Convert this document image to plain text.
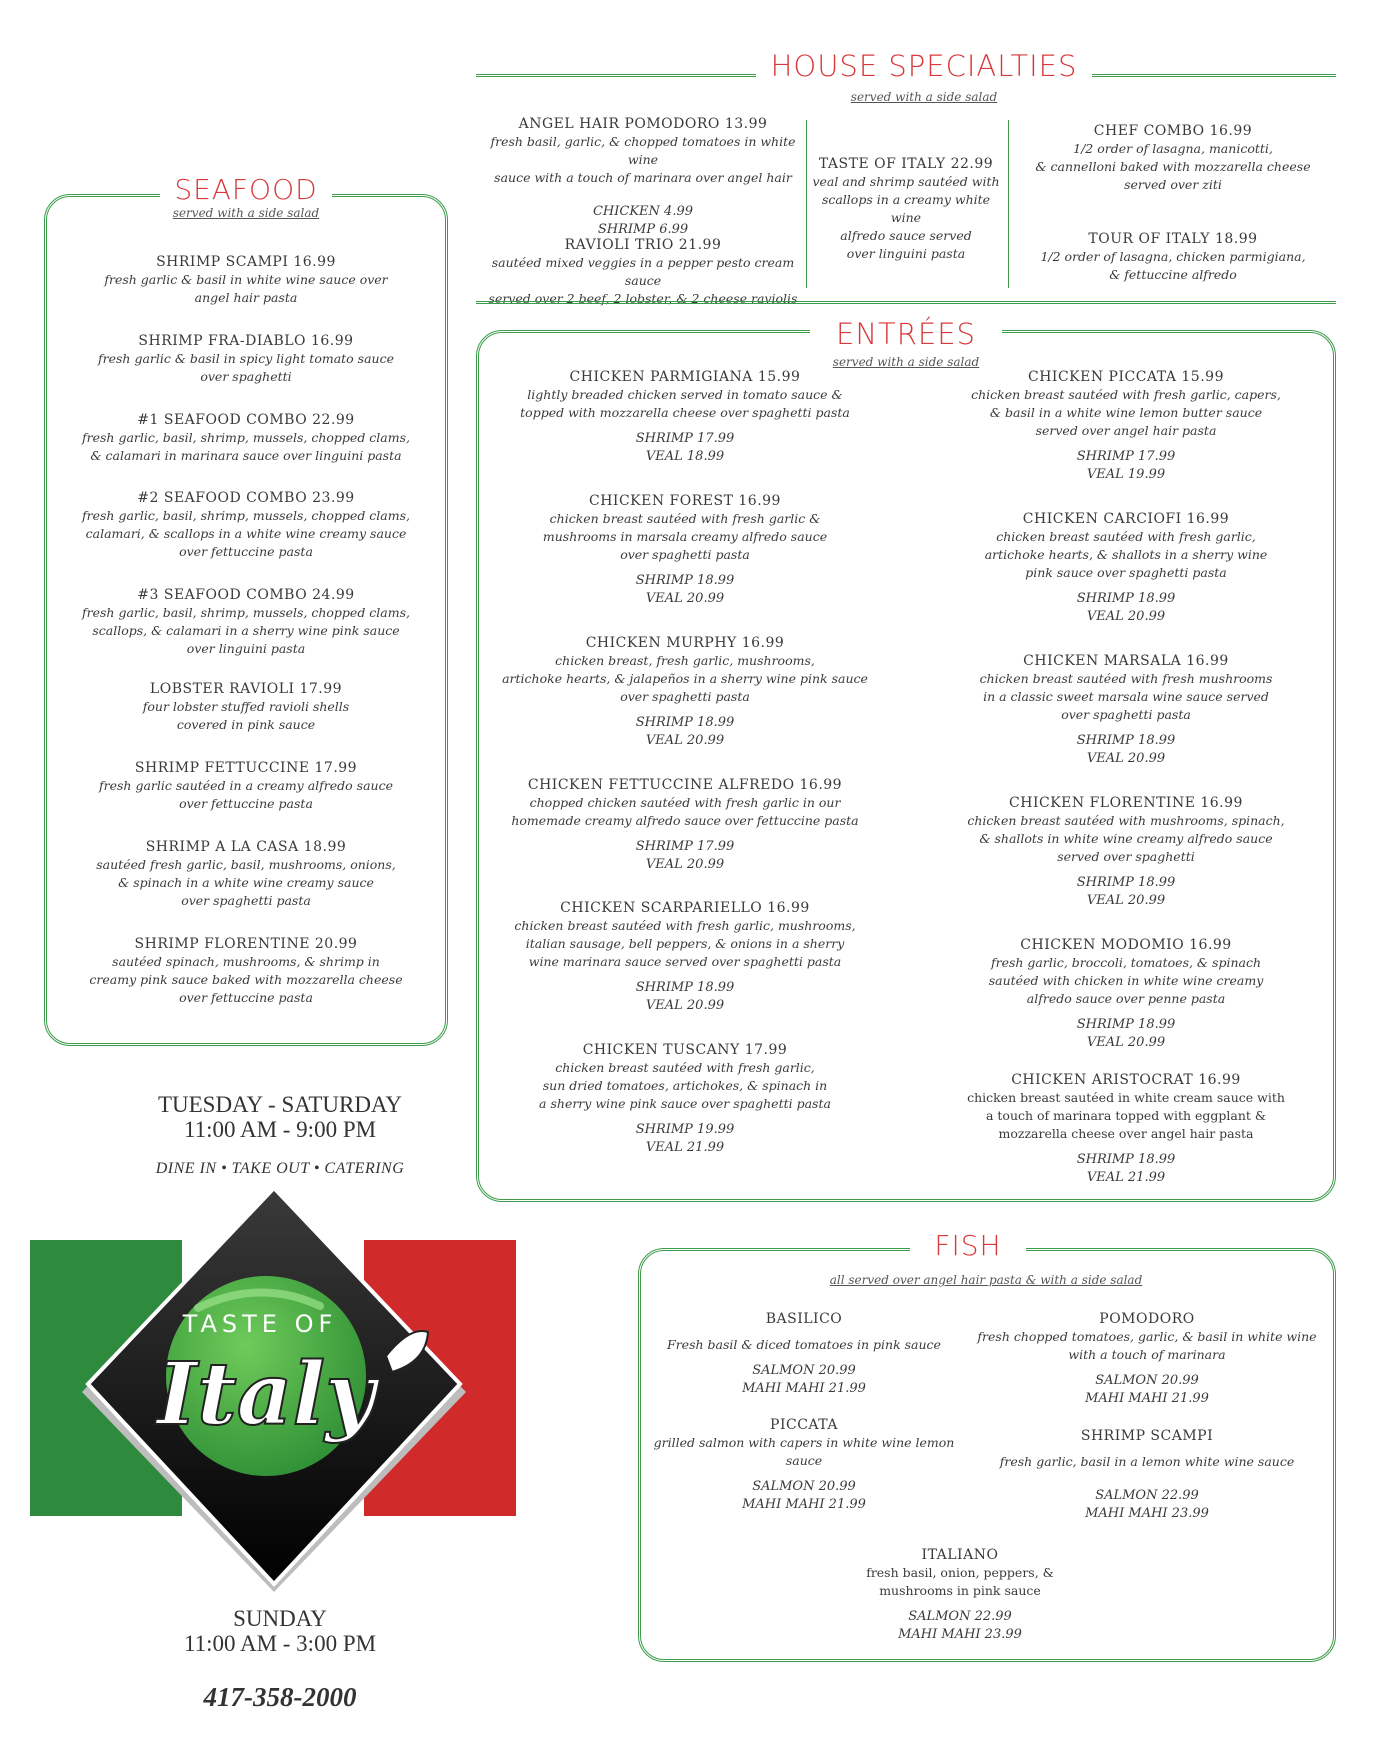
HOUSE SPECIALTIES
served with a side salad
ANGEL HAIR POMODORO 13.99
fresh basil, garlic, & chopped tomatoes in white wine
sauce with a touch of marinara over angel hair
CHICKEN 4.99
SHRIMP 6.99
RAVIOLI TRIO 21.99
sautéed mixed veggies in a pepper pesto cream sauce
served over 2 beef, 2 lobster, & 2 cheese raviolis
TASTE OF ITALY 22.99
veal and shrimp sautéed with
scallops in a creamy white wine
alfredo sauce served
over linguini pasta
CHEF COMBO 16.99
1/2 order of lasagna, manicotti,
& cannelloni baked with mozzarella cheese
served over ziti
TOUR OF ITALY 18.99
1/2 order of lasagna, chicken parmigiana,
& fettuccine alfredo
SEAFOOD
served with a side salad
SHRIMP SCAMPI 16.99
fresh garlic & basil in white wine sauce over
angel hair pasta
SHRIMP FRA-DIABLO 16.99
fresh garlic & basil in spicy light tomato sauce
over spaghetti
#1 SEAFOOD COMBO 22.99
fresh garlic, basil, shrimp, mussels, chopped clams,
& calamari in marinara sauce over linguini pasta
#2 SEAFOOD COMBO 23.99
fresh garlic, basil, shrimp, mussels, chopped clams,
calamari, & scallops in a white wine creamy sauce
over fettuccine pasta
#3 SEAFOOD COMBO 24.99
fresh garlic, basil, shrimp, mussels, chopped clams,
scallops, & calamari in a sherry wine pink sauce
over linguini pasta
LOBSTER RAVIOLI 17.99
four lobster stuffed ravioli shells
covered in pink sauce
SHRIMP FETTUCCINE 17.99
fresh garlic sautéed in a creamy alfredo sauce
over fettuccine pasta
SHRIMP A LA CASA 18.99
sautéed fresh garlic, basil, mushrooms, onions,
& spinach in a white wine creamy sauce
over spaghetti pasta
SHRIMP FLORENTINE 20.99
sautéed spinach, mushrooms, & shrimp in
creamy pink sauce baked with mozzarella cheese
over fettuccine pasta
ENTRÉES
served with a side salad
CHICKEN PARMIGIANA 15.99
lightly breaded chicken served in tomato sauce &
topped with mozzarella cheese over spaghetti pasta
SHRIMP 17.99
VEAL 18.99
CHICKEN FOREST 16.99
chicken breast sautéed with fresh garlic &
mushrooms in marsala creamy alfredo sauce
over spaghetti pasta
SHRIMP 18.99
VEAL 20.99
CHICKEN MURPHY 16.99
chicken breast, fresh garlic, mushrooms,
artichoke hearts, & jalapeños in a sherry wine pink sauce
over spaghetti pasta
SHRIMP 18.99
VEAL 20.99
CHICKEN FETTUCCINE ALFREDO 16.99
chopped chicken sautéed with fresh garlic in our
homemade creamy alfredo sauce over fettuccine pasta
SHRIMP 17.99
VEAL 20.99
CHICKEN SCARPARIELLO 16.99
chicken breast sautéed with fresh garlic, mushrooms,
italian sausage, bell peppers, & onions in a sherry
wine marinara sauce served over spaghetti pasta
SHRIMP 18.99
VEAL 20.99
CHICKEN TUSCANY 17.99
chicken breast sautéed with fresh garlic,
sun dried tomatoes, artichokes, & spinach in
a sherry wine pink sauce over spaghetti pasta
SHRIMP 19.99
VEAL 21.99
CHICKEN PICCATA 15.99
chicken breast sautéed with fresh garlic, capers,
& basil in a white wine lemon butter sauce
served over angel hair pasta
SHRIMP 17.99
VEAL 19.99
CHICKEN CARCIOFI 16.99
chicken breast sautéed with fresh garlic,
artichoke hearts, & shallots in a sherry wine
pink sauce over spaghetti pasta
SHRIMP 18.99
VEAL 20.99
CHICKEN MARSALA 16.99
chicken breast sautéed with fresh mushrooms
in a classic sweet marsala wine sauce served
over spaghetti pasta
SHRIMP 18.99
VEAL 20.99
CHICKEN FLORENTINE 16.99
chicken breast sautéed with mushrooms, spinach,
& shallots in white wine creamy alfredo sauce
served over spaghetti
SHRIMP 18.99
VEAL 20.99
CHICKEN MODOMIO 16.99
fresh garlic, broccoli, tomatoes, & spinach
sautéed with chicken in white wine creamy
alfredo sauce over penne pasta
SHRIMP 18.99
VEAL 20.99
CHICKEN ARISTOCRAT 16.99
chicken breast sautéed in white cream sauce with
a touch of marinara topped with eggplant &
mozzarella cheese over angel hair pasta
SHRIMP 18.99
VEAL 21.99
FISH
all served over angel hair pasta & with a side salad
BASILICO
Fresh basil & diced tomatoes in pink sauce
SALMON 20.99
MAHI MAHI 21.99
PICCATA
grilled salmon with capers in white wine lemon sauce
SALMON 20.99
MAHI MAHI 21.99
POMODORO
fresh chopped tomatoes, garlic, & basil in white wine
with a touch of marinara
SALMON 20.99
MAHI MAHI 21.99
SHRIMP SCAMPI
fresh garlic, basil in a lemon white wine sauce
SALMON 22.99
MAHI MAHI 23.99
ITALIANO
fresh basil, onion, peppers, &
mushrooms in pink sauce
SALMON 22.99
MAHI MAHI 23.99
TUESDAY - SATURDAY
11:00 AM - 9:00 PM
DINE IN • TAKE OUT • CATERING
TASTE OF
Italy
SUNDAY
11:00 AM - 3:00 PM
417-358-2000
